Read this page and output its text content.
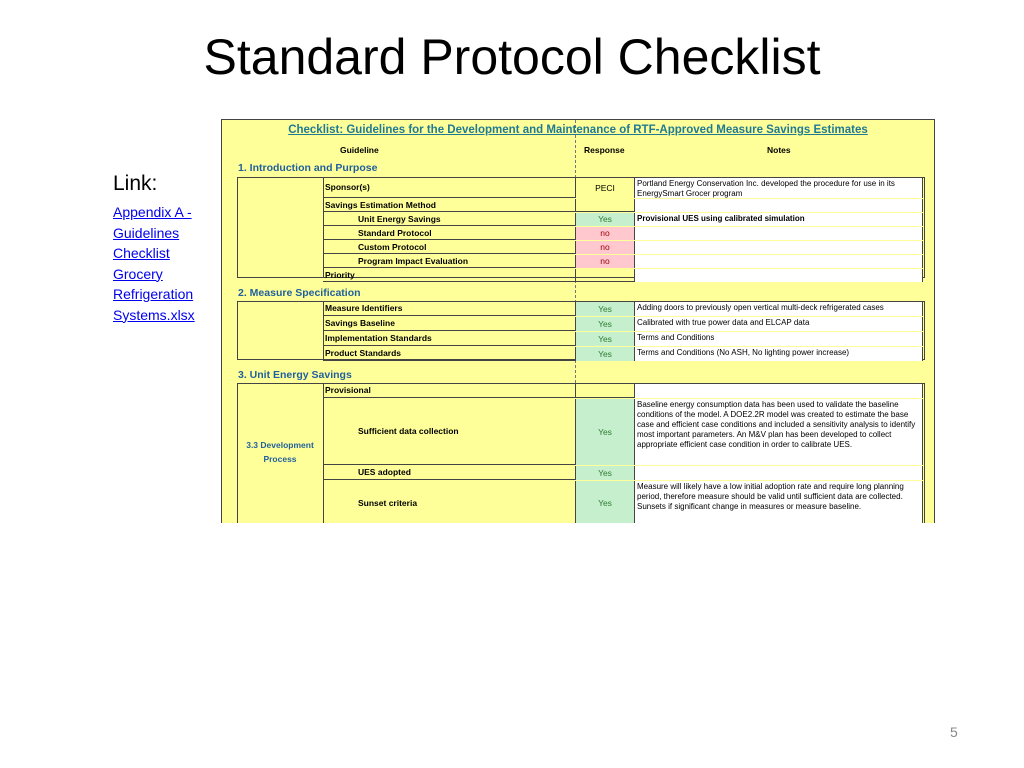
Standard Protocol Checklist
Link:
Appendix A -
Guidelines
Checklist
Grocery
Refrigeration
Systems.xlsx
Checklist: Guidelines for the Development and Maintenance of RTF-Approved Measure Savings Estimates
Guideline	Response	Notes
1. Introduction and Purpose
Sponsor(s)	PECI	Portland Energy Conservation Inc. developed the procedure for use in its EnergySmart Grocer program
Savings Estimation Method
Unit Energy Savings	Yes	Provisional UES using calibrated simulation
Standard Protocol	no
Custom Protocol	no
Program Impact Evaluation	no
Priority
2. Measure Specification
Measure Identifiers	Yes	Adding doors to previously open vertical multi-deck refrigerated cases
Savings Baseline	Yes	Calibrated with true power data and ELCAP data
Implementation Standards	Yes	Terms and Conditions
Product Standards	Yes	Terms and Conditions (No ASH, No lighting power increase)
3. Unit Energy Savings
3.3 Development
Process
Provisional
Sufficient data collection	Yes
Baseline energy consumption data has been used to validate the baseline conditions of the model. A DOE2.2R model was created to estimate the base case and efficient case conditions and included a sensitivity analysis to identify most important parameters. An M&V plan has been developed to collect appropriate efficient case condition in order to calibrate UES.
UES adopted	Yes
Sunset criteria	Yes
Measure will likely have a low initial adoption rate and require long planning period, therefore measure should be valid until sufficient data are collected. Sunsets if significant change in measures or measure baseline.
5
